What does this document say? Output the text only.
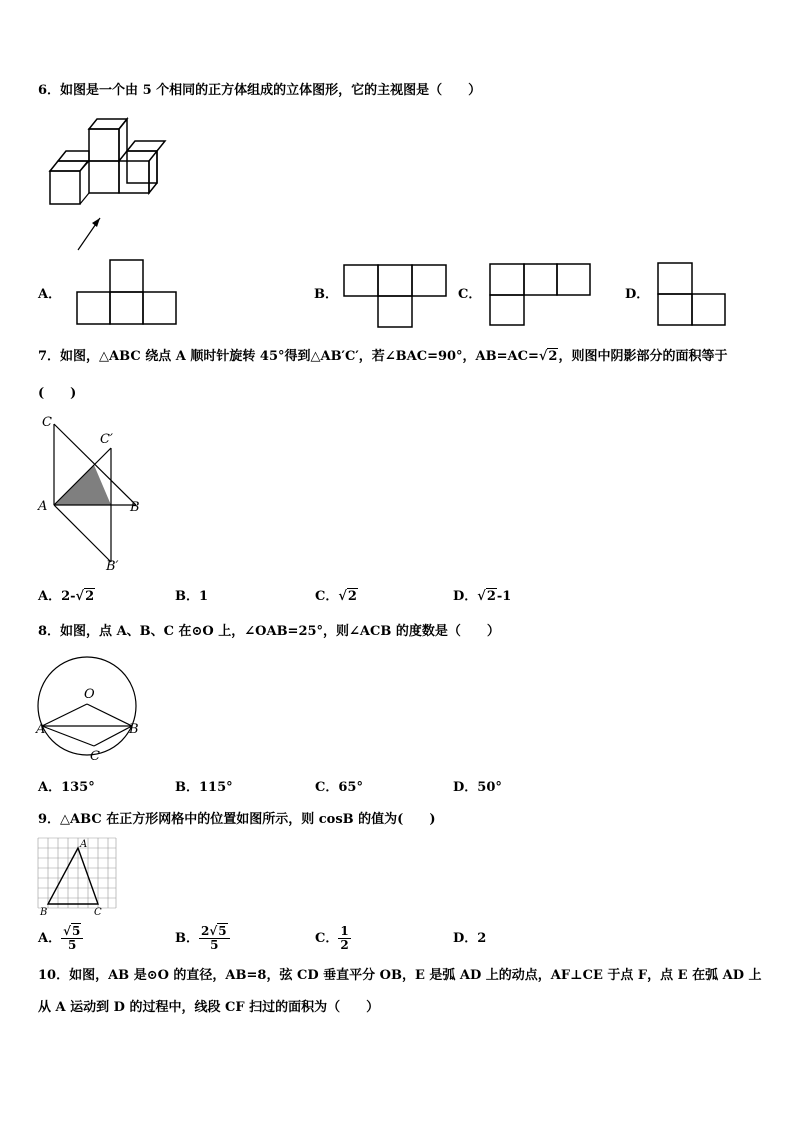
6．如图是一个由 5 个相同的正方体组成的立体图形，它的主视图是（　　）
A．	B．	C．	D．
7．如图，△ABC 绕点 A 顺时针旋转 45°得到△AB′C′，若∠BAC=90°，AB=AC=√2，则图中阴影部分的面积等于
(　　)
C
C′
A	B
B′
A．2-√2	B．1	C．√2	D．√2-1
8．如图，点 A、B、C 在⊙O 上，∠OAB=25°，则∠ACB 的度数是（　　）
O
A	B
C
A．135°	B．115°	C．65°	D．50°
9．△ABC 在正方形网格中的位置如图所示，则 cosB 的值为(　　)
A
B	C
A． $\frac{√5}{5}$	B． $\frac{2√5}{5}$	C． $\frac{1}{2}$	D．2
10．如图，AB 是⊙O 的直径，AB=8，弦 CD 垂直平分 OB，E 是弧 AD 上的动点，AF⊥CE 于点 F，点 E 在弧 AD 上
从 A 运动到 D 的过程中，线段 CF 扫过的面积为（　　）
